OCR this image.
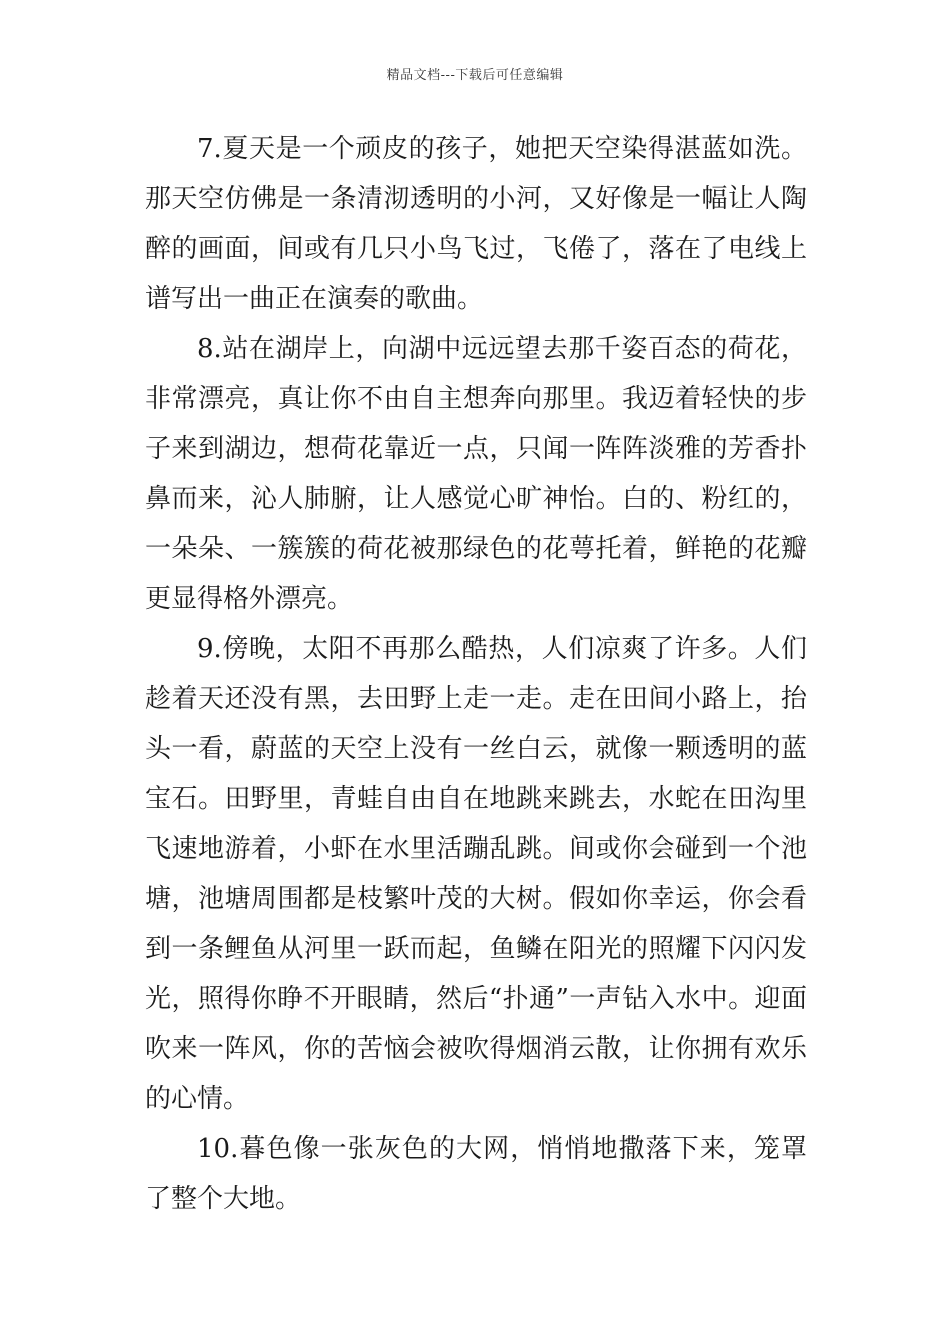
精品文档---下载后可任意编辑

7.夏天是一个顽皮的孩子，她把天空染得湛蓝如洗。那天空仿佛是一条清沏透明的小河，又好像是一幅让人陶醉的画面，间或有几只小鸟飞过，飞倦了，落在了电线上谱写出一曲正在演奏的歌曲。

8.站在湖岸上，向湖中远远望去那千姿百态的荷花，非常漂亮，真让你不由自主想奔向那里。我迈着轻快的步子来到湖边，想荷花靠近一点，只闻一阵阵淡雅的芳香扑鼻而来，沁人肺腑，让人感觉心旷神怡。白的、粉红的，一朵朵、一簇簇的荷花被那绿色的花萼托着，鲜艳的花瓣更显得格外漂亮。

9.傍晚，太阳不再那么酷热，人们凉爽了许多。人们趁着天还没有黑，去田野上走一走。走在田间小路上，抬头一看，蔚蓝的天空上没有一丝白云，就像一颗透明的蓝宝石。田野里，青蛙自由自在地跳来跳去，水蛇在田沟里飞速地游着，小虾在水里活蹦乱跳。间或你会碰到一个池塘，池塘周围都是枝繁叶茂的大树。假如你幸运，你会看到一条鲤鱼从河里一跃而起，鱼鳞在阳光的照耀下闪闪发光，照得你睁不开眼睛，然后“扑通”一声钻入水中。迎面吹来一阵风，你的苦恼会被吹得烟消云散，让你拥有欢乐的心情。

10.暮色像一张灰色的大网，悄悄地撒落下来，笼罩了整个大地。
